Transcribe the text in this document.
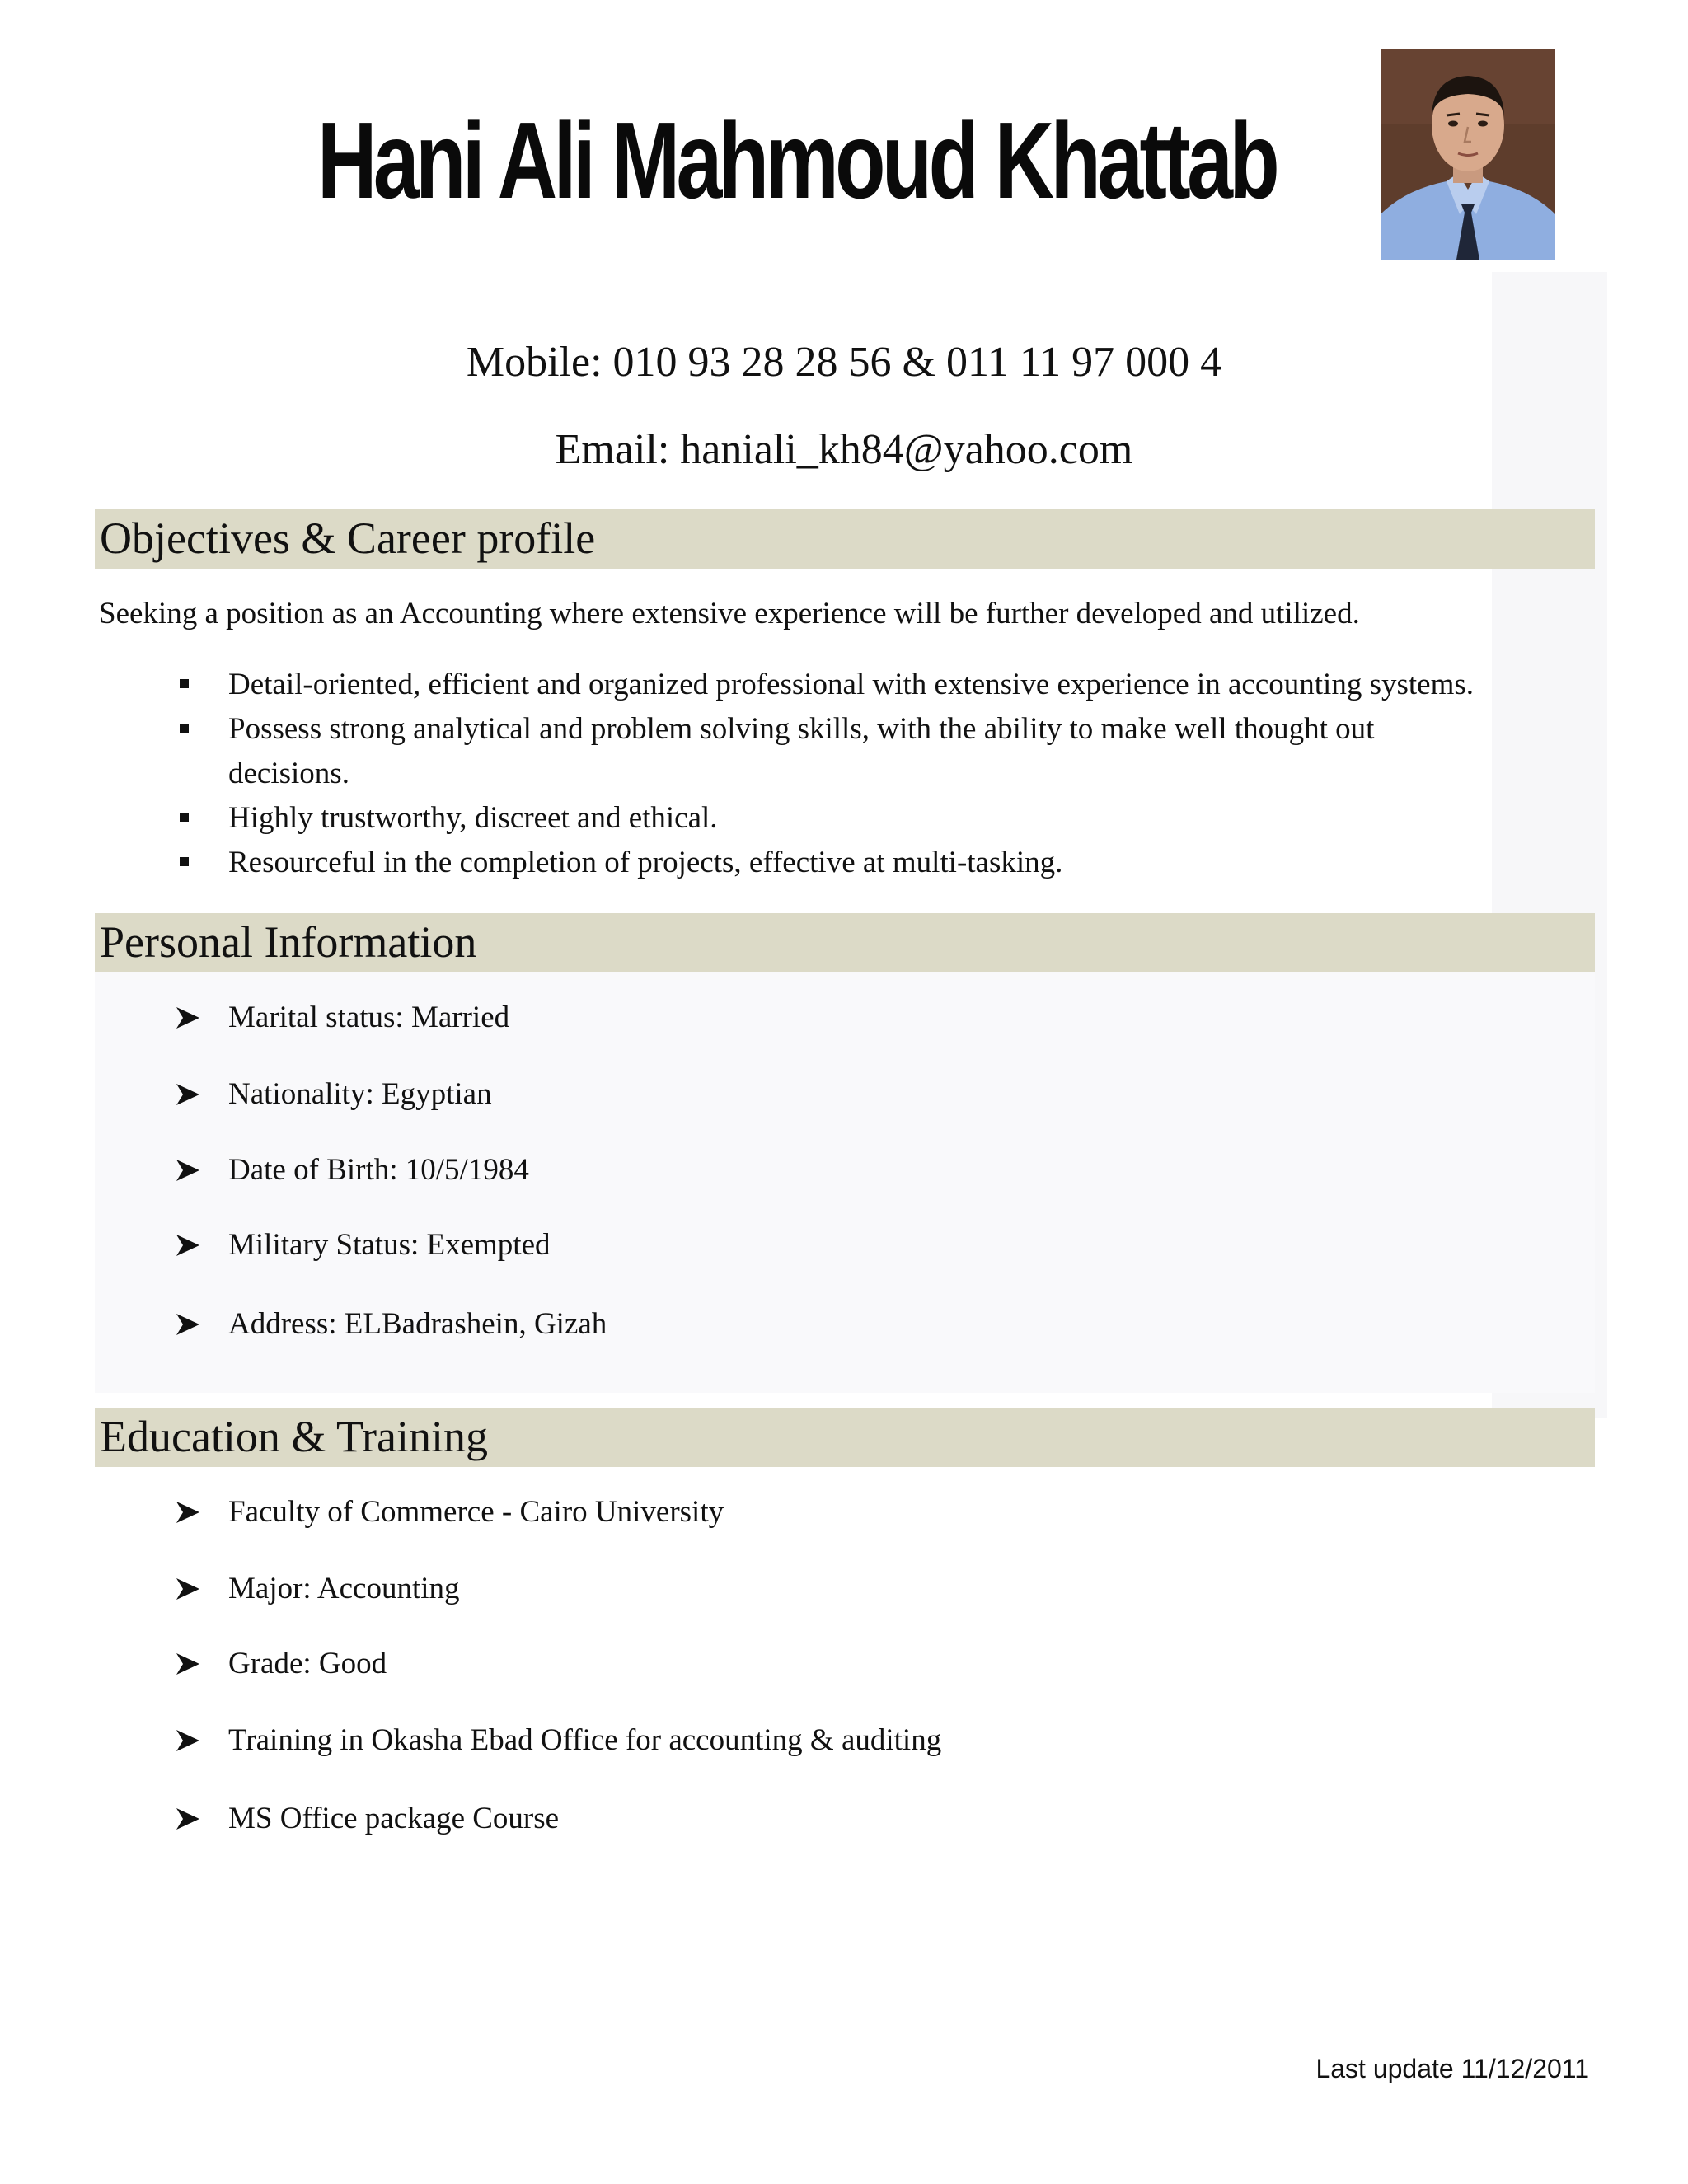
Hani Ali Mahmoud Khattab
Mobile: 010 93 28 28 56 & 011 11 97 000 4
Email: haniali_kh84@yahoo.com
Objectives & Career profile
Seeking a position as an Accounting where extensive experience will be further developed and utilized.
Detail-oriented, efficient and organized professional with extensive experience in accounting systems.
Possess strong analytical and problem solving skills, with the ability to make well thought out decisions.
Highly trustworthy, discreet and ethical.
Resourceful in the completion of projects, effective at multi-tasking.
Personal Information
Marital status: Married
Nationality: Egyptian
Date of Birth: 10/5/1984
Military Status: Exempted
Address: ELBadrashein, Gizah
Education & Training
Faculty of Commerce - Cairo University
Major: Accounting
Grade: Good
Training in Okasha Ebad Office for accounting & auditing
MS Office package Course
Last update 11/12/2011
